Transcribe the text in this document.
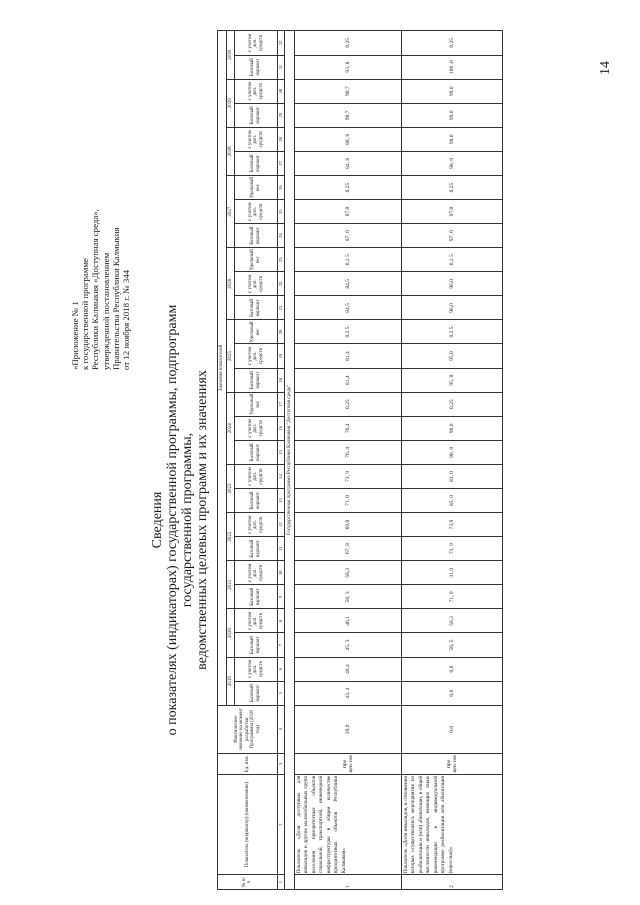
14
«Приложение № 1 к государственной программе Республики Калмыкия «Доступная среда», утвержденной постановлением Правительства Республики Калмыкия от 12 ноября 2018 г. № 344
Сведения о показателях (индикаторах) государственной программы, подпрограмм государственной программы, ведомственных целевых программ и их значениях
№ п/п	Показатель (индикатор) (наименование)	Ед. изм.	Фактическое значение на момент разработки Программы (2018 год)	Значения показателей																											
				2019		2020		2021		2022		2023		2024			2025			2026			2027			2028		2029		2030	
				Базовый вариант	с учетом доп. средств	Базовый вариант	с учетом доп. средств	Базовый вариант	с учетом доп. средств	Базовый вариант	с учетом доп. средств	Базовый вариант	с учетом доп. средств	Базовый вариант	с учетом доп. средств	Удельный вес	Базовый вариант	с учетом доп. средств	Удельный вес	Базовый вариант	с учетом доп. средств	Удельный вес	Базовый вариант	с учетом доп. средств	Удельный вес	Базовый вариант	с учетом доп. средств	Базовый вариант	с учетом доп. средств	Базовый вариант	с учетом доп. средств
1	2	3	4	5	6	7	8	9	10	11	12	13	14	15	16	17	18	19	20	21	22	23	24	25	26	27	28	29	30	31	32
Государственная программа Республики Калмыкия "Доступная среда"																															
1	Показатель «Доля доступных для инвалидов и других маломобильных групп населения приоритетных объектов социальной, транспортной, инженерной инфраструктуры в общем количестве приоритетных объектов Республики Калмыкия»	про цен тов	39,0	43, 4	48,4	45, 3	46,1	50, 3	56,3	67, 8	69,0	71, 0	73, 9	76, 4	76,4	0,25	81,4	81,4	0,2 5	84,5	84,5	0,2 5	87, 0	87,0	0,25	84, 8	88, 8	90,7	90,7	93, 8	0,25
2	Показатель «Доля инвалидов, в отношении которых осуществлялись мероприятия по реабилитации и (или) абилитации, в общей численности инвалидов, имеющих такие рекомендации в индивидуальной программе реабилитации или абилитации (взрослые)»	про цен тов	0,0	0,0	0,0	56, 5	56,3	71, 9	31,9	73, 9	73,9	85, 0	83, 0	90, 0	90,0	0,25	95, 0	95,0	0,2 5	96,0	96,0	0,2 5	97, 0	97,0	0,25	98, 0	98,0	99,0	99,0	100 ,0	0,25
